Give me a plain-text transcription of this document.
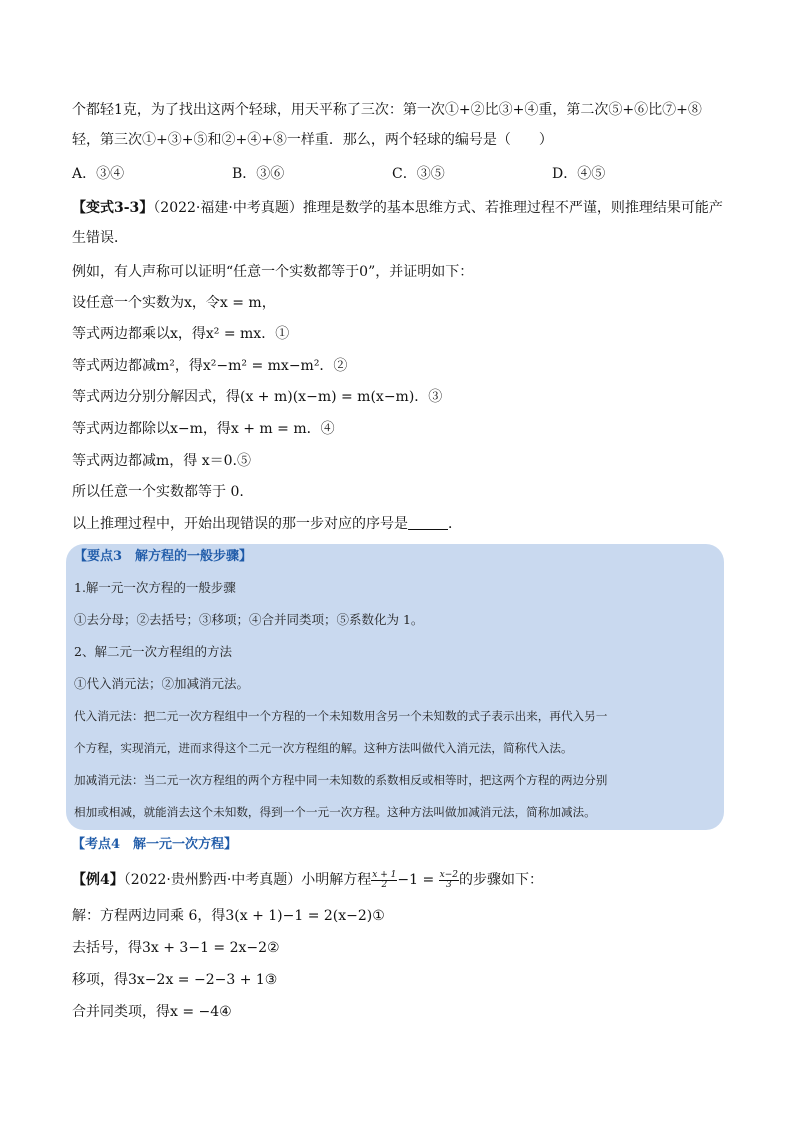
个都轻1克，为了找出这两个轻球，用天平称了三次：第一次①+②比③+④重，第二次⑤+⑥比⑦+⑧
轻，第三次①+③+⑤和②+④+⑧一样重．那么，两个轻球的编号是（　　）
A．③④	B．③⑥	C．③⑤	D．④⑤
【变式3-3】（2022·福建·中考真题）推理是数学的基本思维方式、若推理过程不严谨，则推理结果可能产
生错误．
例如，有人声称可以证明“任意一个实数都等于0”，并证明如下：
设任意一个实数为x，令x = m，
等式两边都乘以x，得x² = mx．①
等式两边都减m²，得x²−m² = mx−m²．②
等式两边分别分解因式，得(x + m)(x−m) = m(x−m)．③
等式两边都除以x−m，得x + m = m．④
等式两边都减m，得 x＝0.⑤
所以任意一个实数都等于 0.
以上推理过程中，开始出现错误的那一步对应的序号是	．
【要点3　解方程的一般步骤】
1.解一元一次方程的一般步骤
①去分母；②去括号；③移项；④合并同类项；⑤系数化为 1。
2、解二元一次方程组的方法
①代入消元法；②加减消元法。
代入消元法：把二元一次方程组中一个方程的一个未知数用含另一个未知数的式子表示出来，再代入另一
个方程，实现消元，进而求得这个二元一次方程组的解。这种方法叫做代入消元法，简称代入法。
加减消元法：当二元一次方程组的两个方程中同一未知数的系数相反或相等时，把这两个方程的两边分别
相加或相减，就能消去这个未知数，得到一个一元一次方程。这种方法叫做加减消元法，简称加减法。
【考点4　解一元一次方程】
【例4】（2022·贵州黔西·中考真题）小明解方程 $\frac{x + 1}{2} -1 = \frac{x-2}{3}$ 的步骤如下：
解：方程两边同乘 6，得3(x + 1)−1 = 2(x−2)①
去括号，得3x + 3−1 = 2x−2②
移项，得3x−2x = −2−3 + 1③
合并同类项，得x = −4④
